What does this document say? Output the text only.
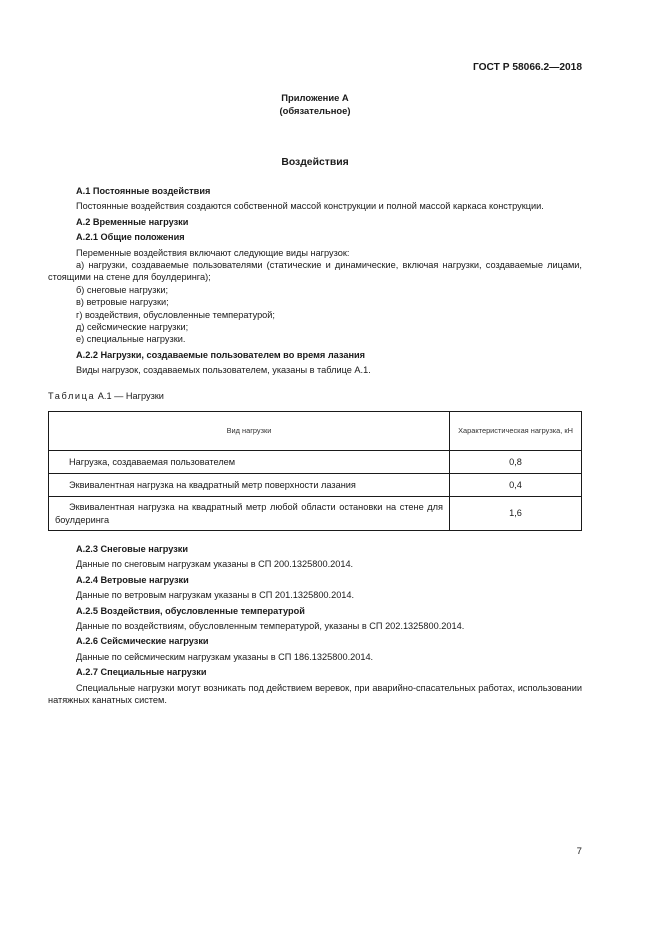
ГОСТ Р 58066.2—2018
Приложение А
(обязательное)
Воздействия
А.1 Постоянные воздействия
Постоянные воздействия создаются собственной массой конструкции и полной массой каркаса конструкции.
А.2 Временные нагрузки
А.2.1 Общие положения
Переменные воздействия включают следующие виды нагрузок:
а) нагрузки, создаваемые пользователями (статические и динамические, включая нагрузки, создаваемые лицами, стоящими на стене для боулдеринга);
б) снеговые нагрузки;
в) ветровые нагрузки;
г) воздействия, обусловленные температурой;
д) сейсмические нагрузки;
е) специальные нагрузки.
А.2.2 Нагрузки, создаваемые пользователем во время лазания
Виды нагрузок, создаваемых пользователем, указаны в таблице А.1.
Таблица А.1 — Нагрузки
Вид нагрузки	Характеристическая нагрузка, кН

Нагрузка, создаваемая пользователем	0,8

Эквивалентная нагрузка на квадратный метр поверхности лазания	0,4

Эквивалентная нагрузка на квадратный метр любой области остановки на стене для боулдеринга	1,6
А.2.3 Снеговые нагрузки
Данные по снеговым нагрузкам указаны в СП 200.1325800.2014.
А.2.4 Ветровые нагрузки
Данные по ветровым нагрузкам указаны в СП 201.1325800.2014.
А.2.5 Воздействия, обусловленные температурой
Данные по воздействиям, обусловленным температурой, указаны в СП 202.1325800.2014.
А.2.6 Сейсмические нагрузки
Данные по сейсмическим нагрузкам указаны в СП 186.1325800.2014.
А.2.7 Специальные нагрузки
Специальные нагрузки могут возникать под действием веревок, при аварийно-спасательных работах, использовании натяжных канатных систем.
7
